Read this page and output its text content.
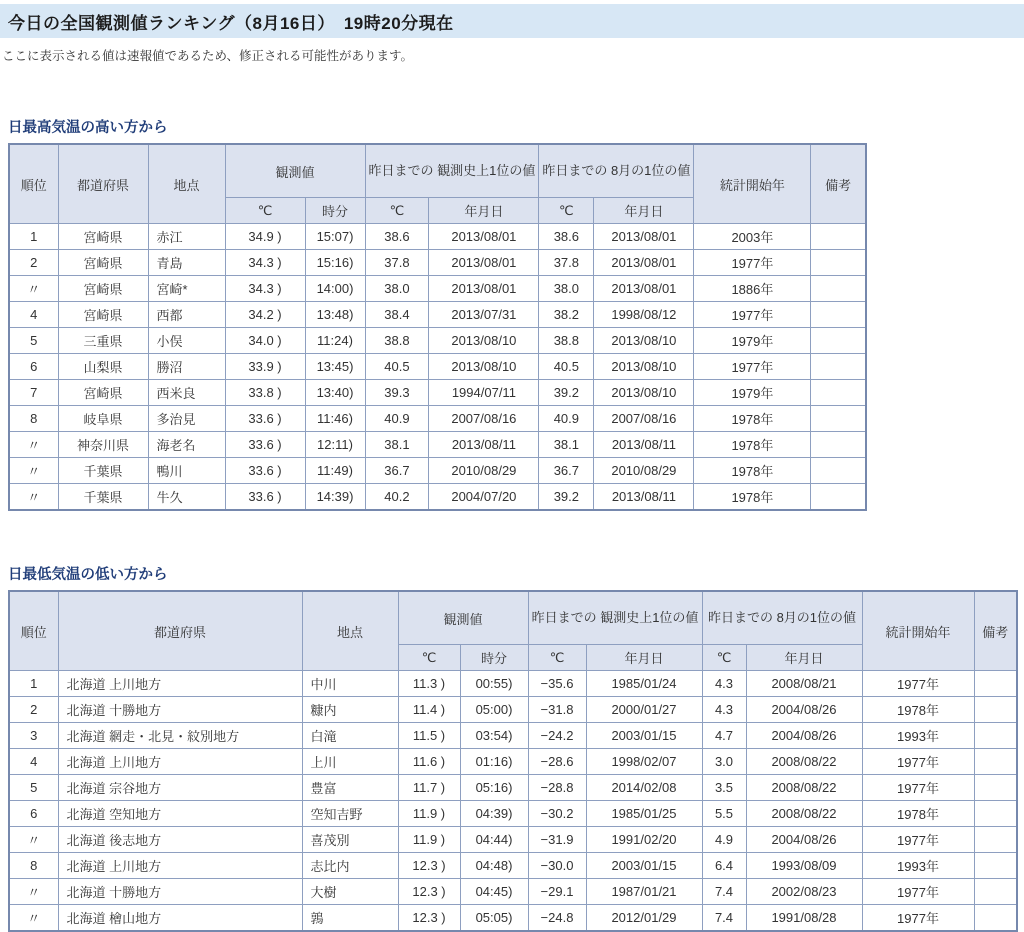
今日の全国観測値ランキング（8月16日）　19時20分現在

ここに表示される値は速報値であるため、修正される可能性があります。

日最高気温の高い方から
順位	都道府県	地点	観測値		昨日までの 観測史上1位の値		昨日までの 8月の1位の値		統計開始年	備考
			℃	時分	℃	年月日	℃	年月日		
1	宮崎県	赤江	34.9 )	15:07)	38.6	2013/08/01	38.6	2013/08/01	2003年	
2	宮崎県	青島	34.3 )	15:16)	37.8	2013/08/01	37.8	2013/08/01	1977年	
〃	宮崎県	宮崎*	34.3 )	14:00)	38.0	2013/08/01	38.0	2013/08/01	1886年	
4	宮崎県	西都	34.2 )	13:48)	38.4	2013/07/31	38.2	1998/08/12	1977年	
5	三重県	小俣	34.0 )	11:24)	38.8	2013/08/10	38.8	2013/08/10	1979年	
6	山梨県	勝沼	33.9 )	13:45)	40.5	2013/08/10	40.5	2013/08/10	1977年	
7	宮崎県	西米良	33.8 )	13:40)	39.3	1994/07/11	39.2	2013/08/10	1979年	
8	岐阜県	多治見	33.6 )	11:46)	40.9	2007/08/16	40.9	2007/08/16	1978年	
〃	神奈川県	海老名	33.6 )	12:11)	38.1	2013/08/11	38.1	2013/08/11	1978年	
〃	千葉県	鴨川	33.6 )	11:49)	36.7	2010/08/29	36.7	2010/08/29	1978年	
〃	千葉県	牛久	33.6 )	14:39)	40.2	2004/07/20	39.2	2013/08/11	1978年	
日最低気温の低い方から
順位	都道府県	地点	観測値		昨日までの 観測史上1位の値		昨日までの 8月の1位の値		統計開始年	備考
			℃	時分	℃	年月日	℃	年月日		
1	北海道 上川地方	中川	11.3 )	00:55)	−35.6	1985/01/24	4.3	2008/08/21	1977年	
2	北海道 十勝地方	糠内	11.4 )	05:00)	−31.8	2000/01/27	4.3	2004/08/26	1978年	
3	北海道 網走・北見・紋別地方	白滝	11.5 )	03:54)	−24.2	2003/01/15	4.7	2004/08/26	1993年	
4	北海道 上川地方	上川	11.6 )	01:16)	−28.6	1998/02/07	3.0	2008/08/22	1977年	
5	北海道 宗谷地方	豊富	11.7 )	05:16)	−28.8	2014/02/08	3.5	2008/08/22	1977年	
6	北海道 空知地方	空知吉野	11.9 )	04:39)	−30.2	1985/01/25	5.5	2008/08/22	1978年	
〃	北海道 後志地方	喜茂別	11.9 )	04:44)	−31.9	1991/02/20	4.9	2004/08/26	1977年	
8	北海道 上川地方	志比内	12.3 )	04:48)	−30.0	2003/01/15	6.4	1993/08/09	1993年	
〃	北海道 十勝地方	大樹	12.3 )	04:45)	−29.1	1987/01/21	7.4	2002/08/23	1977年	
〃	北海道 檜山地方	鶉	12.3 )	05:05)	−24.8	2012/01/29	7.4	1991/08/28	1977年	
